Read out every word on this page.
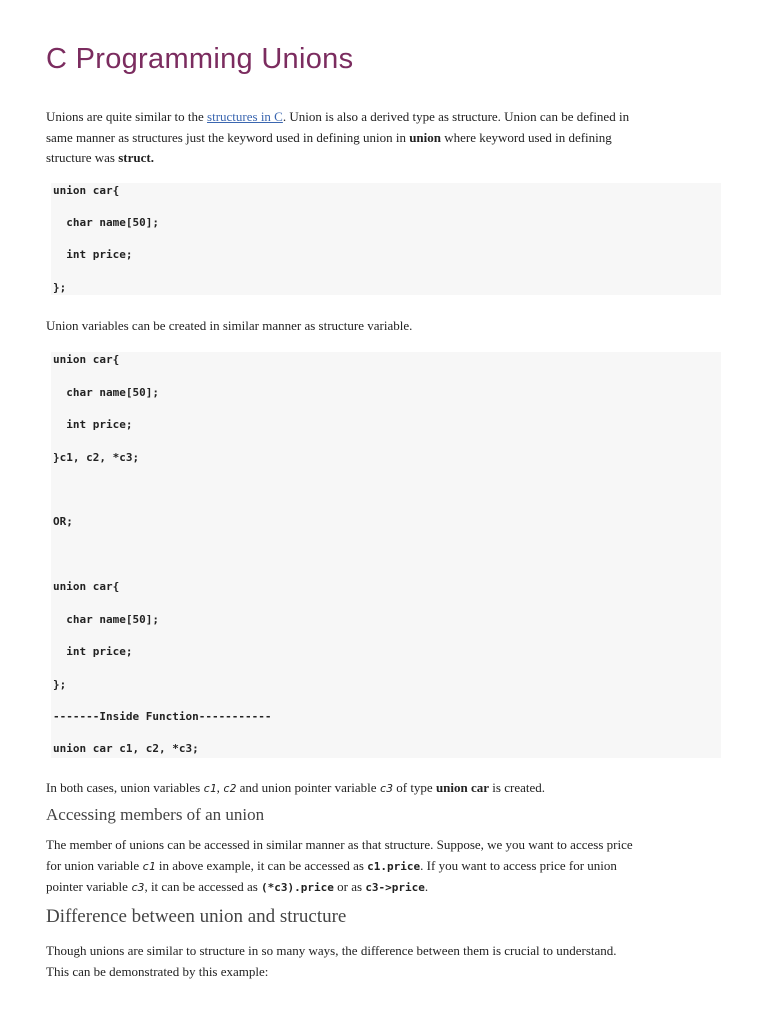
C Programming Unions

Unions are quite similar to the structures in C. Union is also a derived type as structure. Union can be defined in
same manner as structures just the keyword used in defining union in union where keyword used in defining
structure was struct.

union car{
char name[50];
int price;
};

Union variables can be created in similar manner as structure variable.

union car{
char name[50];
int price;
}c1, c2, *c3;
OR;
union car{
char name[50];
int price;
};
-------Inside Function-----------
union car c1, c2, *c3;

In both cases, union variables c1, c2 and union pointer variable c3 of type union car is created.

Accessing members of an union

The member of unions can be accessed in similar manner as that structure. Suppose, we you want to access price
for union variable c1 in above example, it can be accessed as c1.price. If you want to access price for union
pointer variable c3, it can be accessed as (*c3).price or as c3->price.

Difference between union and structure

Though unions are similar to structure in so many ways, the difference between them is crucial to understand.
This can be demonstrated by this example:
